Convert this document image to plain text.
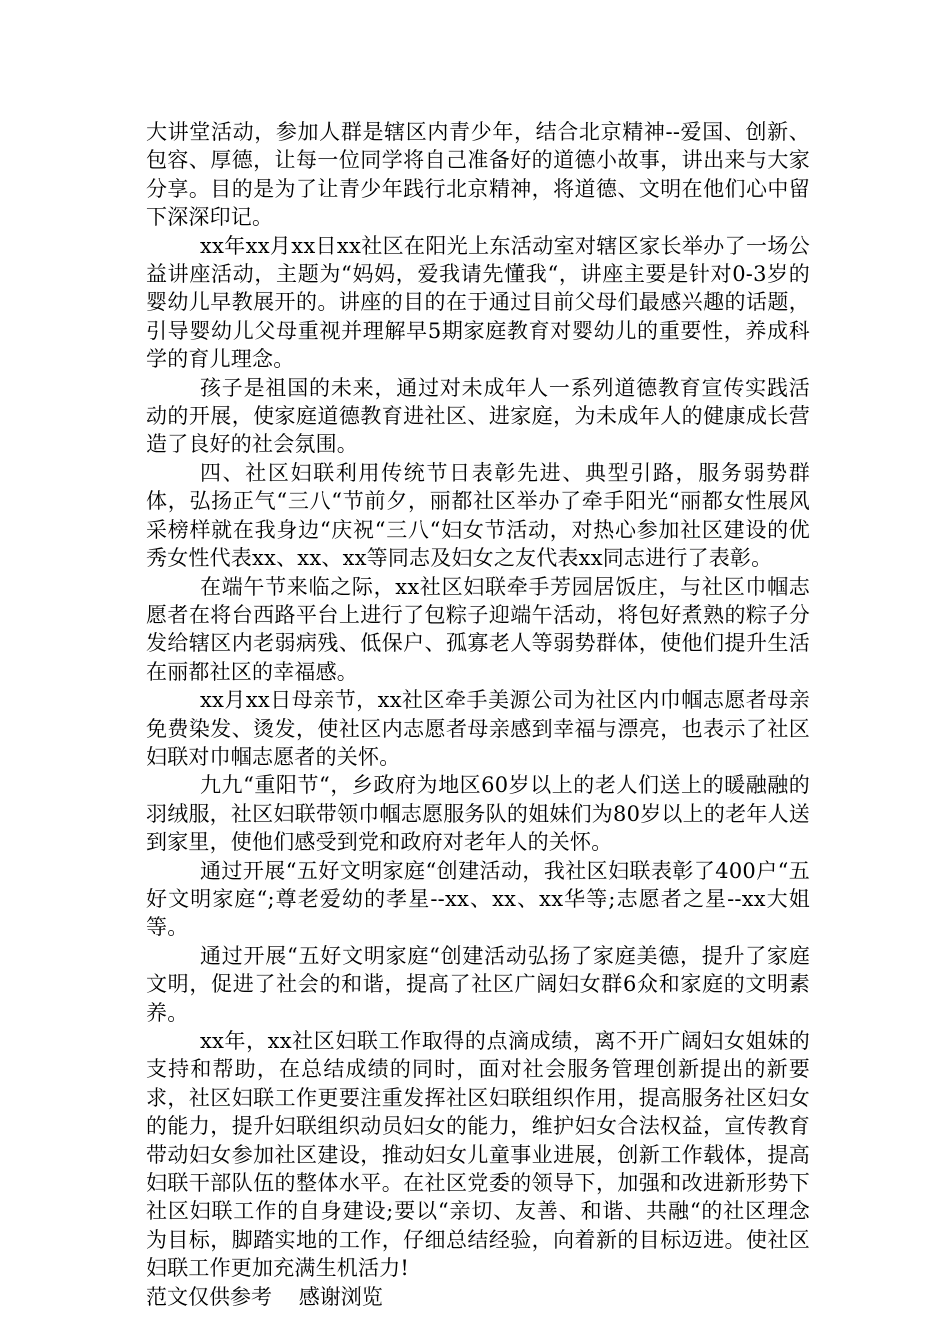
大讲堂活动，参加人群是辖区内青少年，结合北京精神--爱国、创新、包容、厚德，让每一位同学将自己准备好的道德小故事，讲出来与大家分享。目的是为了让青少年践行北京精神，将道德、文明在他们心中留下深深印记。

xx年xx月xx日xx社区在阳光上东活动室对辖区家长举办了一场公益讲座活动，主题为“妈妈，爱我请先懂我“，讲座主要是针对0-3岁的婴幼儿早教展开的。讲座的目的在于通过目前父母们最感兴趣的话题，引导婴幼儿父母重视并理解早5期家庭教育对婴幼儿的重要性，养成科学的育儿理念。

孩子是祖国的未来，通过对未成年人一系列道德教育宣传实践活动的开展，使家庭道德教育进社区、进家庭，为未成年人的健康成长营造了良好的社会氛围。

四、社区妇联利用传统节日表彰先进、典型引路，服务弱势群体，弘扬正气“三八“节前夕，丽都社区举办了牵手阳光“丽都女性展风采榜样就在我身边“庆祝“三八“妇女节活动，对热心参加社区建设的优秀女性代表xx、xx、xx等同志及妇女之友代表xx同志进行了表彰。

在端午节来临之际，xx社区妇联牵手芳园居饭庄，与社区巾帼志愿者在将台西路平台上进行了包粽子迎端午活动，将包好煮熟的粽子分发给辖区内老弱病残、低保户、孤寡老人等弱势群体，使他们提升生活在丽都社区的幸福感。

xx月xx日母亲节，xx社区牵手美源公司为社区内巾帼志愿者母亲免费染发、烫发，使社区内志愿者母亲感到幸福与漂亮，也表示了社区妇联对巾帼志愿者的关怀。

九九“重阳节“，乡政府为地区60岁以上的老人们送上的暖融融的羽绒服，社区妇联带领巾帼志愿服务队的姐妹们为80岁以上的老年人送到家里，使他们感受到党和政府对老年人的关怀。

通过开展“五好文明家庭“创建活动，我社区妇联表彰了400户“五好文明家庭“;尊老爱幼的孝星--xx、xx、xx华等;志愿者之星--xx大姐等。

通过开展“五好文明家庭“创建活动弘扬了家庭美德，提升了家庭文明，促进了社会的和谐，提高了社区广阔妇女群6众和家庭的文明素养。

xx年，xx社区妇联工作取得的点滴成绩，离不开广阔妇女姐妹的支持和帮助，在总结成绩的同时，面对社会服务管理创新提出的新要求，社区妇联工作更要注重发挥社区妇联组织作用，提高服务社区妇女的能力，提升妇联组织动员妇女的能力，维护妇女合法权益，宣传教育带动妇女参加社区建设，推动妇女儿童事业进展，创新工作载体，提高妇联干部队伍的整体水平。在社区党委的领导下，加强和改进新形势下社区妇联工作的自身建设;要以“亲切、友善、和谐、共融“的社区理念为目标，脚踏实地的工作，仔细总结经验，向着新的目标迈进。使社区妇联工作更加充满生机活力!

范文仅供参考    感谢浏览
